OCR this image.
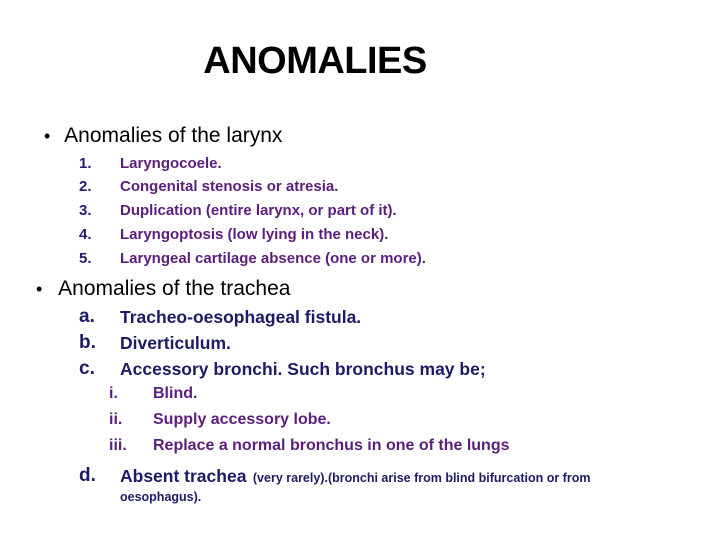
ANOMALIES
• Anomalies of the larynx
1. Laryngocoele.
2. Congenital stenosis or atresia.
3. Duplication (entire larynx, or part of it).
4. Laryngoptosis (low lying in the neck).
5. Laryngeal cartilage absence (one or more).
• Anomalies of the trachea
a. Tracheo-oesophageal fistula.
b. Diverticulum.
c. Accessory bronchi. Such bronchus may be;
i. Blind.
ii. Supply accessory lobe.
iii. Replace a normal bronchus in one of the lungs
d. Absent trachea (very rarely).(bronchi arise from blind bifurcation or from
oesophagus).
